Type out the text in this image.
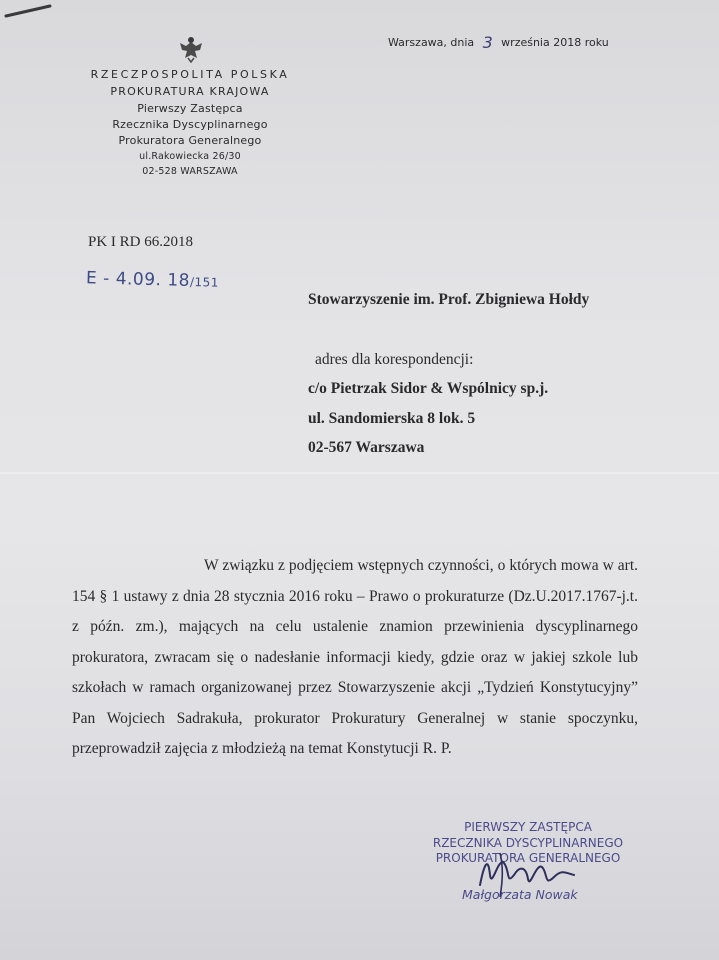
Warszawa, dnia 3 września 2018 roku
RZECZPOSPOLITA POLSKA
PROKURATURA KRAJOWA
Pierwszy Zastępca
Rzecznika Dyscyplinarnego
Prokuratora Generalnego
ul.Rakowiecka 26/30
02-528 WARSZAWA
PK I RD 66.2018
E - 4.09. 18/151
Stowarzyszenie im. Prof. Zbigniewa Hołdy
adres dla korespondencji:
c/o Pietrzak Sidor & Wspólnicy sp.j.
ul. Sandomierska 8 lok. 5
02-567 Warszawa

W związku z podjęciem wstępnych czynności, o których mowa w art. 154 § 1 ustawy z dnia 28 stycznia 2016 roku – Prawo o prokuraturze (Dz.U.2017.1767-j.t. z późn. zm.), mających na celu ustalenie znamion przewinienia dyscyplinarnego prokuratora, zwracam się o nadesłanie informacji kiedy, gdzie oraz w jakiej szkole lub szkołach w ramach organizowanej przez Stowarzyszenie akcji „Tydzień Konstytucyjny” Pan Wojciech Sadrakuła, prokurator Prokuratury Generalnej w stanie spoczynku, przeprowadził zajęcia z młodzieżą na temat Konstytucji R. P.

PIERWSZY ZASTĘPCA
RZECZNIKA DYSCYPLINARNEGO
PROKURATORA GENERALNEGO
Małgorzata Nowak
